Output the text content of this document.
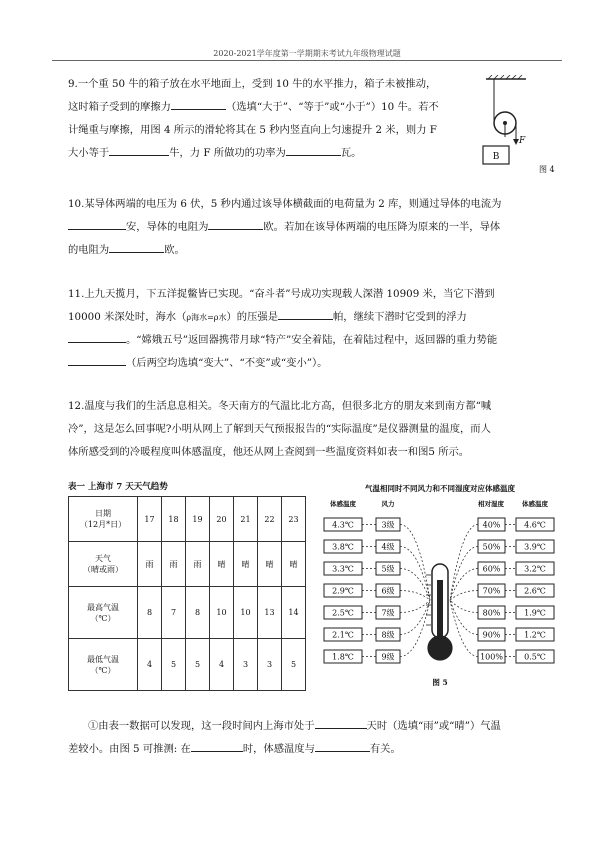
2020-2021学年度第一学期期末考试九年级物理试题
9.一个重 50 牛的箱子放在水平地面上，受到 10 牛的水平推力，箱子未被推动，
这时箱子受到的摩擦力	（选填“大于”、“等于”或“小于”）10 牛。若不
计绳重与摩擦，用图 4 所示的滑轮将其在 5 秒内竖直向上匀速提升 2 米，则力 F
大小等于	牛，力 F 所做功的功率为	瓦。
F
B
图 4
10.某导体两端的电压为 6 伏，5 秒内通过该导体横截面的电荷量为 2 库，则通过导体的电流为
安，导体的电阻为	欧。若加在该导体两端的电压降为原来的一半，导体
的电阻为	欧。
11.上九天揽月，下五洋捉鳖皆已实现。“奋斗者”号成功实现载人深潜 10909 米，当它下潜到
10000 米深处时，海水（ρ海水=ρ水）的压强是	帕，继续下潜时它受到的浮力
。“嫦娥五号”返回器携带月球“特产”安全着陆，在着陆过程中，返回器的重力势能
（后两空均选填“变大”、“不变”或“变小”）。
12.温度与我们的生活息息相关。冬天南方的气温比北方高，但很多北方的朋友来到南方都“喊
冷”，这是怎么回事呢?小明从网上了解到天气预报报告的“实际温度”是仪器测量的温度，而人
体所感受到的冷暖程度叫体感温度，他还从网上查阅到一些温度资料如表一和图5 所示。
表一 上海市 7 天天气趋势
日期
（12月*日）	17	18	19	20	21	22	23

天气
（晴或雨）	雨	雨	雨	晴	晴	晴	晴

最高气温
（℃）	8	7	8	10	10	13	14

最低气温
（℃）	4	5	5	4	3	3	5
气温相同时不同风力和不同湿度对应体感温度
体感温度	风力	相对湿度	体感温度
图 5
4.3℃	3级	40%	4.6℃
3.8℃	4级	50%	3.9℃
3.3℃	5级	60%	3.2℃
2.9℃	6级	70%	2.6℃
2.5℃	7级	80%	1.9℃
2.1℃	8级	90%	1.2℃
1.8℃	9级	100%	0.5℃
①由表一数据可以发现，这一段时间内上海市处于	天时（选填“雨”或“晴”）气温
差较小。由图 5 可推测: 在	时，体感温度与	有关。
